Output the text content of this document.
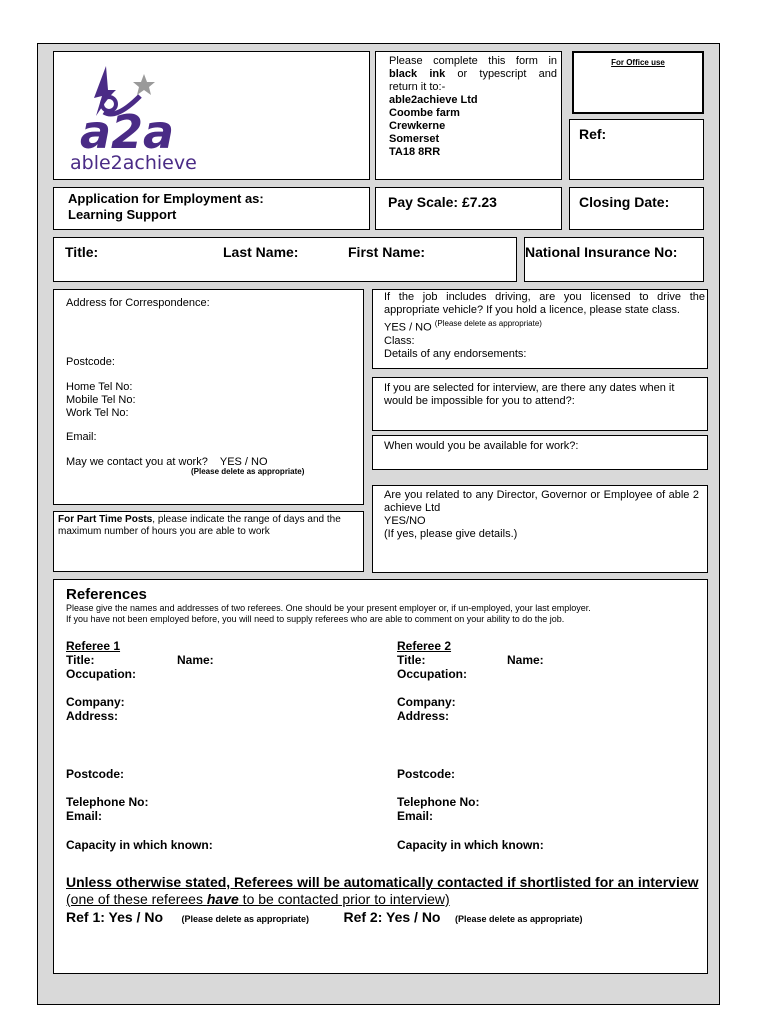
a2a
able2achieve
Please complete this form in
black ink or typescript and
return it to:-
able2achieve Ltd
Coombe farm
Crewkerne
Somerset
TA18 8RR
For Office use
Ref:
Application for Employment as:
Learning Support
Pay Scale: £7.23	Closing Date:
Title:	Last Name:	First Name:	National Insurance No:
Address for Correspondence:
Postcode:
Home Tel No:
Mobile Tel No:
Work Tel No:
Email:
May we contact you at work?    YES / NO
(Please delete as appropriate)
For Part Time Posts, please indicate the range of days and the maximum number of hours you are able to work
If the job includes driving, are you licensed to drive the appropriate vehicle? If you hold a licence, please state class.
YES / NO $^{(Please delete as appropriate)}$
Class:
Details of any endorsements:
If you are selected for interview, are there any dates when it would be impossible for you to attend?:
When would you be available for work?:
Are you related to any Director, Governor or Employee of able 2 achieve Ltd
YES/NO
(If yes, please give details.)
References
Please give the names and addresses of two referees. One should be your present employer or, if un-employed, your last employer.
If you have not been employed before, you will need to supply referees who are able to comment on your ability to do the job.
Referee 1
Title:
Occupation:
Company:
Address:
Postcode:
Telephone No:
Email:
Capacity in which known:
Name:
Referee 2
Title:
Occupation:
Company:
Address:
Postcode:
Telephone No:
Email:
Capacity in which known:
Name:
Unless otherwise stated, Referees will be automatically contacted if shortlisted for an interview (one of these referees have to be contacted prior to interview)
Ref 1: Yes / No (Please delete as appropriate) Ref 2: Yes / No (Please delete as appropriate)
